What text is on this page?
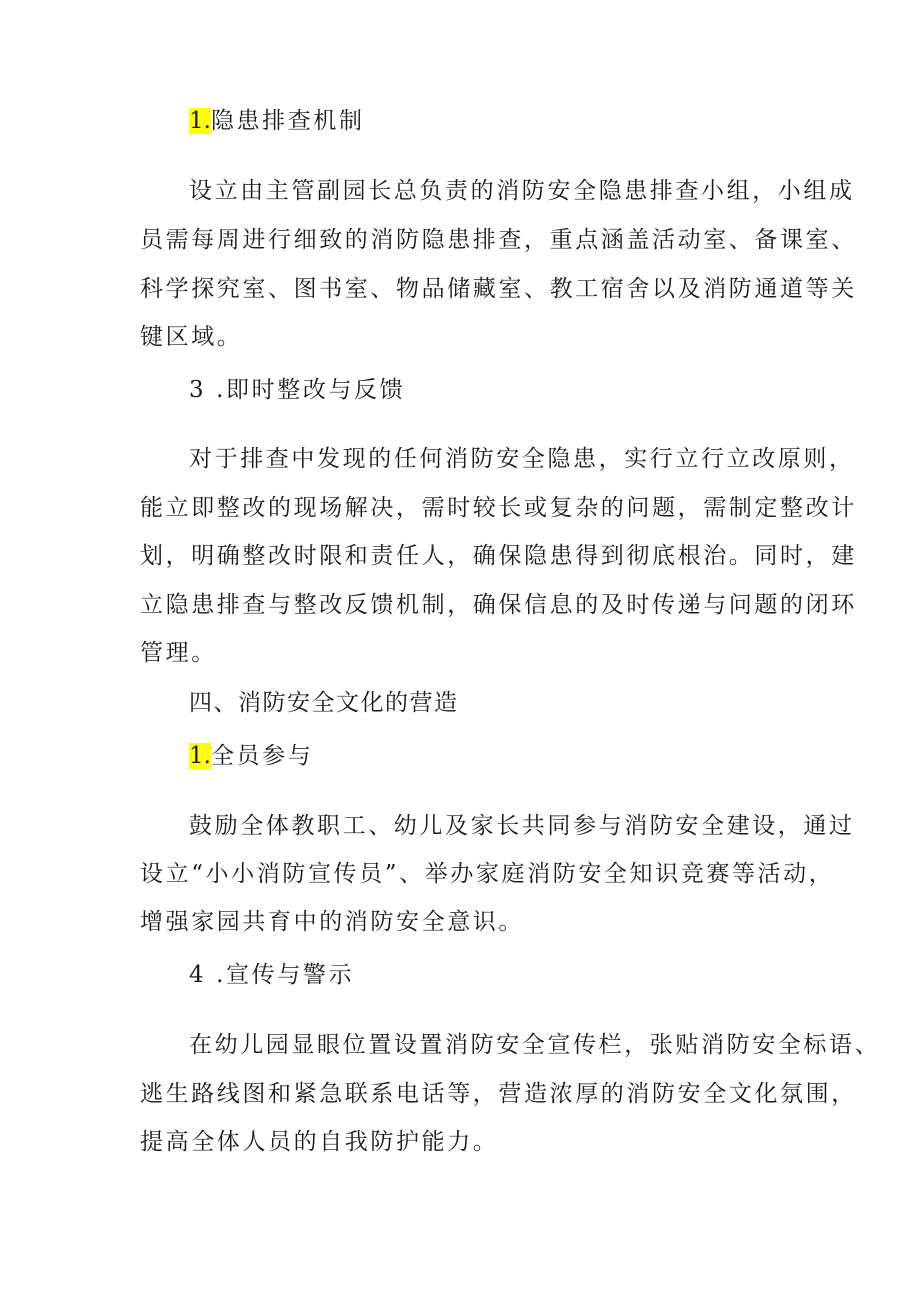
1.隐患排查机制
设立由主管副园长总负责的消防安全隐患排查小组，小组成
员需每周进行细致的消防隐患排查，重点涵盖活动室、备课室、
科学探究室、图书室、物品储藏室、教工宿舍以及消防通道等关
键区域。
3 .即时整改与反馈
对于排查中发现的任何消防安全隐患，实行立行立改原则，
能立即整改的现场解决，需时较长或复杂的问题，需制定整改计
划，明确整改时限和责任人，确保隐患得到彻底根治。同时，建
立隐患排查与整改反馈机制，确保信息的及时传递与问题的闭环
管理。
四、消防安全文化的营造
1.全员参与
鼓励全体教职工、幼儿及家长共同参与消防安全建设，通过
设立“小小消防宣传员”、举办家庭消防安全知识竞赛等活动，
增强家园共育中的消防安全意识。
4 .宣传与警示
在幼儿园显眼位置设置消防安全宣传栏，张贴消防安全标语、
逃生路线图和紧急联系电话等，营造浓厚的消防安全文化氛围，
提高全体人员的自我防护能力。
